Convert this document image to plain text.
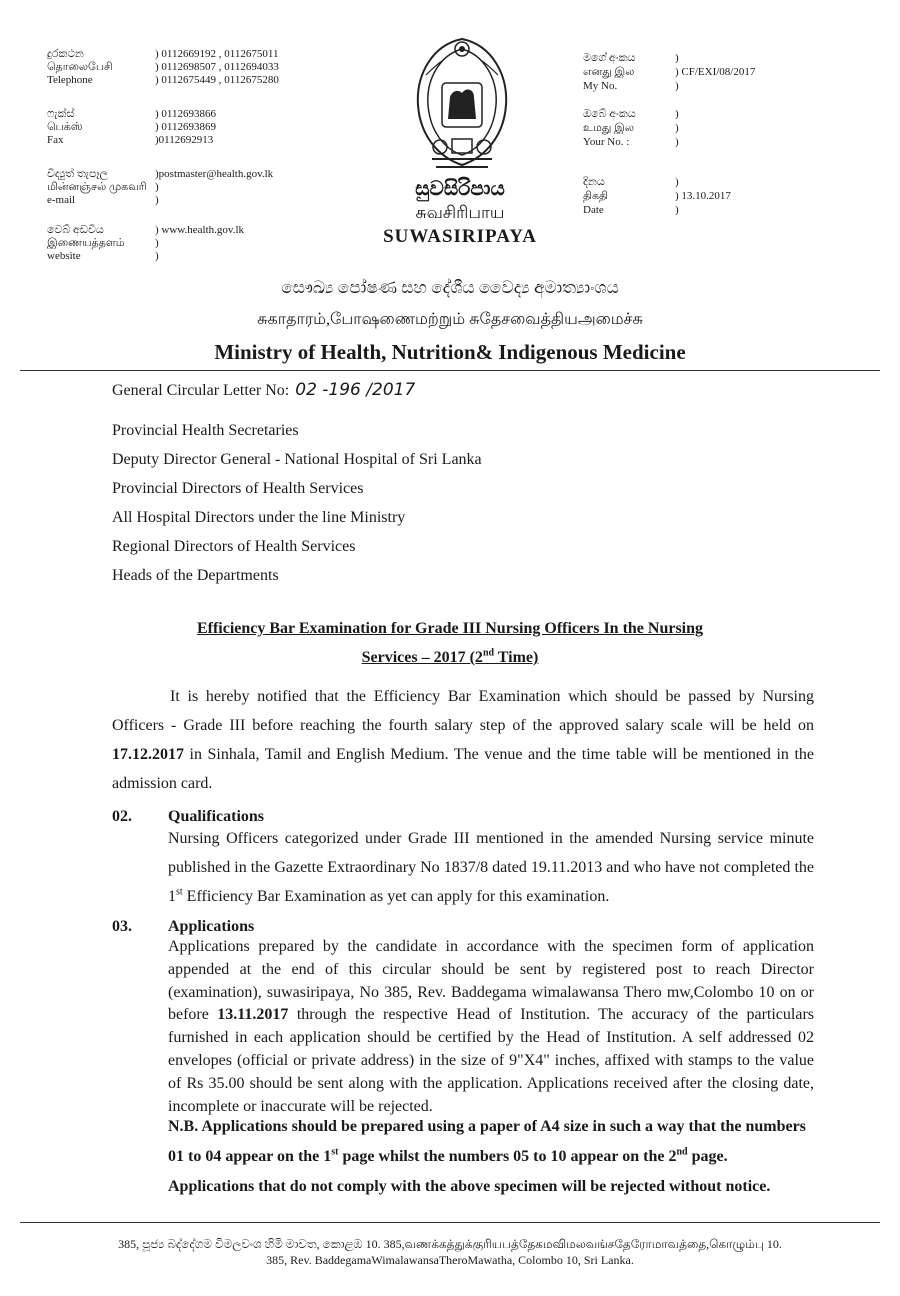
දුරකථන
தொலைபேசி
Telephone
) 0112669192 , 0112675011
) 0112698507 , 0112694033
) 0112675449 , 0112675280
ෆැක්ස්
பெக்ஸ்
Fax
) 0112693866
) 0112693869
)0112692913
විද්‍යුත් තැපෑල
மின்னஞ்சல் முகவரி
e-mail
)postmaster@health.gov.lk
)
)
වෙබ් අඩවිය
இணையத்தளம்
website
) www.health.gov.lk
)
)
සුවසිරිපාය
சுவசிரிபாய
SUWASIRIPAYA
මගේ අංකය
எனது இல
My No.
)
) CF/EXI/08/2017
)
ඔබේ අංකය
உமது இல
Your No. :
)
)
)
දිනය
திகதி
Date
)
) 13.10.2017
)
සෞඛ්‍ය පෝෂණ සහ දේශීය වෛද්‍ය අමාත්‍යාංශය
சுகாதாரம்,போஷணைமற்றும் சுதேசவைத்தியஅமைச்சு
Ministry of Health, Nutrition& Indigenous Medicine
General Circular Letter No: 02 -196 /2017
Provincial Health Secretaries
Deputy Director General - National Hospital of Sri Lanka
Provincial Directors of Health Services
All Hospital Directors under the line Ministry
Regional Directors of Health Services
Heads of the Departments
Efficiency Bar Examination for Grade III Nursing Officers In the Nursing
Services – 2017 (2nd Time)
It is hereby notified that the Efficiency Bar Examination which should be passed by Nursing Officers - Grade III before reaching the fourth salary step of the approved salary scale will be held on 17.12.2017 in Sinhala, Tamil and English Medium. The venue and the time table will be mentioned in the admission card.
02. Qualifications
Nursing Officers categorized under Grade III mentioned in the amended Nursing service minute published in the Gazette Extraordinary No 1837/8 dated 19.11.2013 and who have not completed the 1st Efficiency Bar Examination as yet can apply for this examination.
03. Applications
Applications prepared by the candidate in accordance with the specimen form of application appended at the end of this circular should be sent by registered post to reach Director (examination), suwasiripaya, No 385, Rev. Baddegama wimalawansa Thero mw,Colombo 10 on or before 13.11.2017 through the respective Head of Institution. The accuracy of the particulars furnished in each application should be certified by the Head of Institution. A self addressed 02 envelopes (official or private address) in the size of 9"X4" inches, affixed with stamps to the value of Rs 35.00 should be sent along with the application. Applications received after the closing date, incomplete or inaccurate will be rejected.
N.B. Applications should be prepared using a paper of A4 size in such a way that the numbers 01 to 04 appear on the 1st page whilst the numbers 05 to 10 appear on the 2nd page.
Applications that do not comply with the above specimen will be rejected without notice.
385, පූජ්‍ය බද්දේගම විමලවංශ හිමි මාවත, කොළඹ 10. 385,வணக்கத்துக்குரியபத்தேகமவிமலவங்சதேரோமாவத்தை,கொழும்பு 10.
385, Rev. BaddegamaWimalawansaTheroMawatha, Colombo 10, Sri Lanka.
